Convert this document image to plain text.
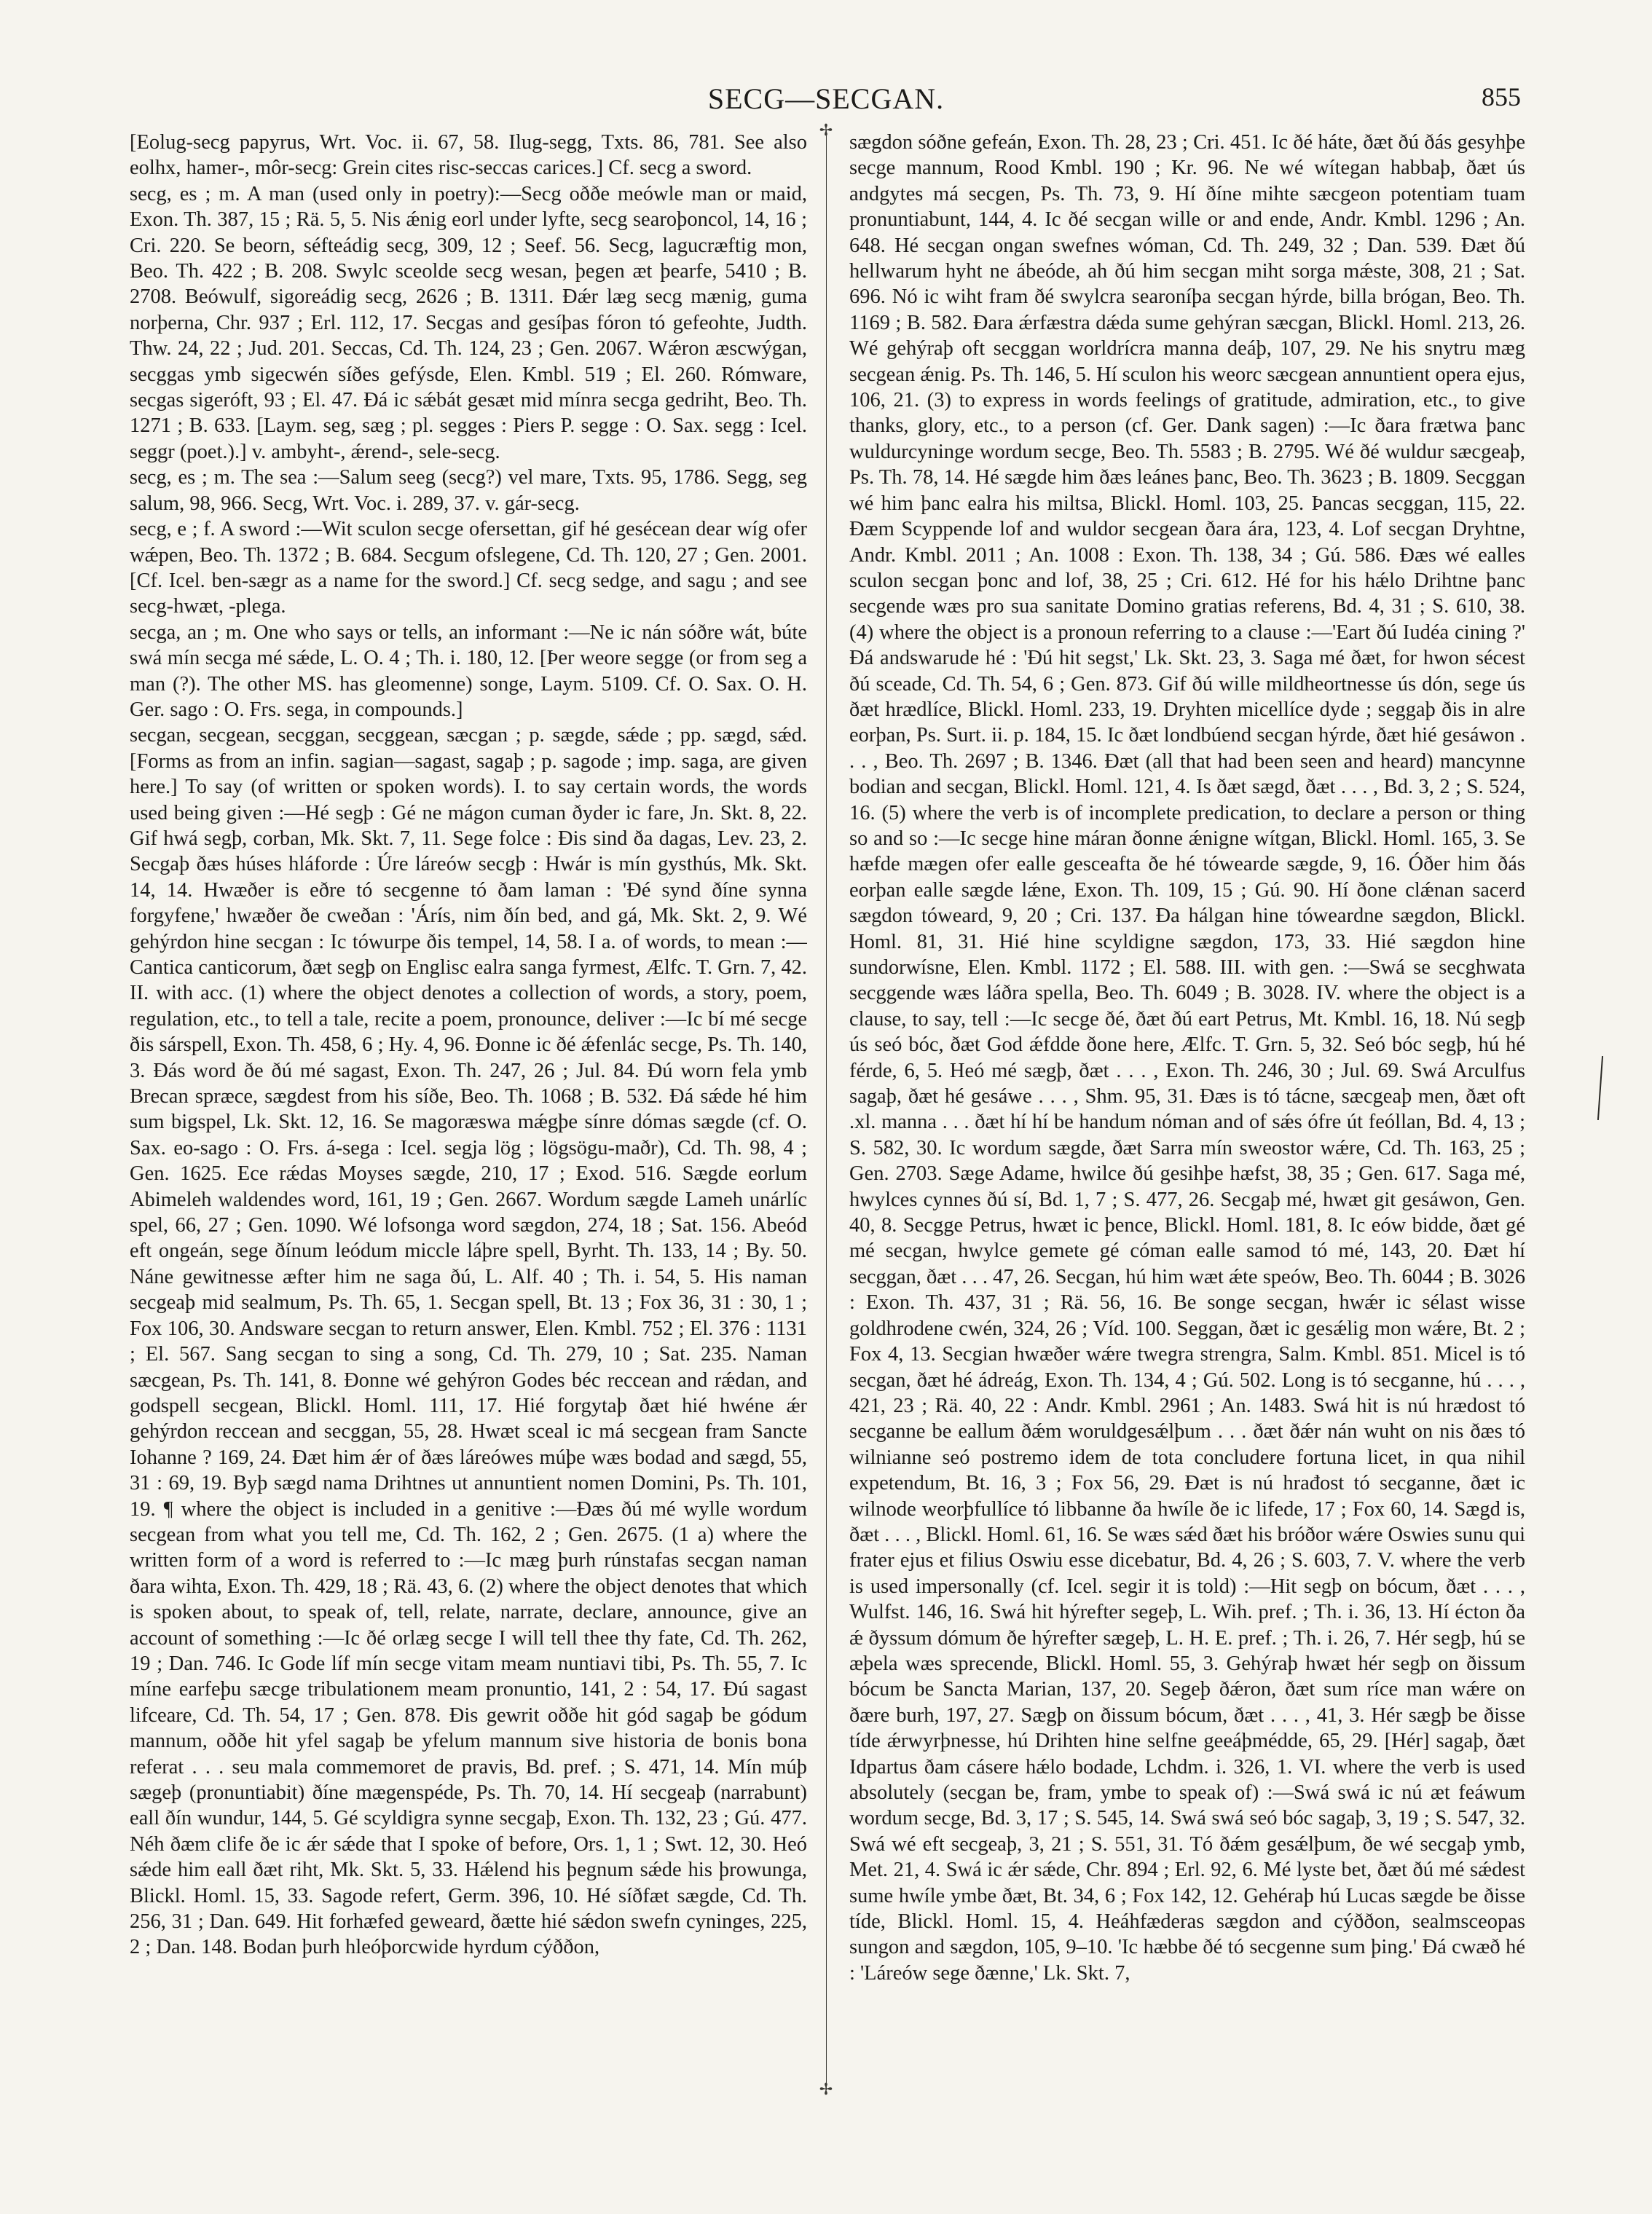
SECG—SECGAN.	855
✢
✢

[Eolug-secg papyrus, Wrt. Voc. ii. 67, 58. Ilug-segg, Txts. 86, 781. See also eolhx, hamer-, môr-secg: Grein cites risc-seccas carices.] Cf. secg a sword.

secg, es ; m. A man (used only in poetry):—Secg oððe meówle man or maid, Exon. Th. 387, 15 ; Rä. 5, 5. Nis ǽnig eorl under lyfte, secg searoþoncol, 14, 16 ; Cri. 220. Se beorn, séfteádig secg, 309, 12 ; Seef. 56. Secg, lagucræftig mon, Beo. Th. 422 ; B. 208. Swylc sceolde secg wesan, þegen æt þearfe, 5410 ; B. 2708. Beówulf, sigoreádig secg, 2626 ; B. 1311. Ðǽr læg secg mænig, guma norþerna, Chr. 937 ; Erl. 112, 17. Secgas and gesíþas fóron tó gefeohte, Judth. Thw. 24, 22 ; Jud. 201. Seccas, Cd. Th. 124, 23 ; Gen. 2067. Wǽron æscwýgan, secggas ymb sigecwén síðes gefýsde, Elen. Kmbl. 519 ; El. 260. Rómware, secgas sigeróft, 93 ; El. 47. Ðá ic sǽbát gesæt mid mínra secga gedriht, Beo. Th. 1271 ; B. 633. [Laym. seg, sæg ; pl. segges : Piers P. segge : O. Sax. segg : Icel. seggr (poet.).] v. ambyht-, ǽrend-, sele-secg.

secg, es ; m. The sea :—Salum seeg (secg?) vel mare, Txts. 95, 1786. Segg, seg salum, 98, 966. Secg, Wrt. Voc. i. 289, 37. v. gár-secg.

secg, e ; f. A sword :—Wit sculon secge ofersettan, gif hé gesécean dear wíg ofer wǽpen, Beo. Th. 1372 ; B. 684. Secgum ofslegene, Cd. Th. 120, 27 ; Gen. 2001. [Cf. Icel. ben-sægr as a name for the sword.] Cf. secg sedge, and sagu ; and see secg-hwæt, -plega.

secga, an ; m. One who says or tells, an informant :—Ne ic nán sóðre wát, búte swá mín secga mé sǽde, L. O. 4 ; Th. i. 180, 12. [Þer weore segge (or from seg a man (?). The other MS. has gleomenne) songe, Laym. 5109. Cf. O. Sax. O. H. Ger. sago : O. Frs. sega, in compounds.]

secgan, secgean, secggan, secggean, sæcgan ; p. sægde, sǽde ; pp. sægd, sǽd. [Forms as from an infin. sagian—sagast, sagaþ ; p. sagode ; imp. saga, are given here.] To say (of written or spoken words). I. to say certain words, the words used being given :—Hé segþ : Gé ne mágon cuman ðyder ic fare, Jn. Skt. 8, 22. Gif hwá segþ, corban, Mk. Skt. 7, 11. Sege folce : Ðis sind ða dagas, Lev. 23, 2. Secgaþ ðæs húses hláforde : Úre láreów secgþ : Hwár is mín gysthús, Mk. Skt. 14, 14. Hwæðer is eðre tó secgenne tó ðam laman : 'Ðé synd ðíne synna forgyfene,' hwæðer ðe cweðan : 'Árís, nim ðín bed, and gá, Mk. Skt. 2, 9. Wé gehýrdon hine secgan : Ic tówurpe ðis tempel, 14, 58. I a. of words, to mean :—Cantica canticorum, ðæt segþ on Englisc ealra sanga fyrmest, Ælfc. T. Grn. 7, 42. II. with acc. (1) where the object denotes a collection of words, a story, poem, regulation, etc., to tell a tale, recite a poem, pronounce, deliver :—Ic bí mé secge ðis sárspell, Exon. Th. 458, 6 ; Hy. 4, 96. Ðonne ic ðé ǽfenlác secge, Ps. Th. 140, 3. Ðás word ðe ðú mé sagast, Exon. Th. 247, 26 ; Jul. 84. Ðú worn fela ymb Brecan spræce, sægdest from his síðe, Beo. Th. 1068 ; B. 532. Ðá sǽde hé him sum bigspel, Lk. Skt. 12, 16. Se magoræswa mǽgþe sínre dómas sægde (cf. O. Sax. eo-sago : O. Frs. á-sega : Icel. segja lög ; lögsögu-maðr), Cd. Th. 98, 4 ; Gen. 1625. Ece rǽdas Moyses sægde, 210, 17 ; Exod. 516. Sægde eorlum Abimeleh waldendes word, 161, 19 ; Gen. 2667. Wordum sægde Lameh unárlíc spel, 66, 27 ; Gen. 1090. Wé lofsonga word sægdon, 274, 18 ; Sat. 156. Abeód eft ongeán, sege ðínum leódum miccle láþre spell, Byrht. Th. 133, 14 ; By. 50. Náne gewitnesse æfter him ne saga ðú, L. Alf. 40 ; Th. i. 54, 5. His naman secgeaþ mid sealmum, Ps. Th. 65, 1. Secgan spell, Bt. 13 ; Fox 36, 31 : 30, 1 ; Fox 106, 30. Andsware secgan to return answer, Elen. Kmbl. 752 ; El. 376 : 1131 ; El. 567. Sang secgan to sing a song, Cd. Th. 279, 10 ; Sat. 235. Naman sæcgean, Ps. Th. 141, 8. Ðonne wé gehýron Godes béc reccean and rǽdan, and godspell secgean, Blickl. Homl. 111, 17. Hié forgytaþ ðæt hié hwéne ǽr gehýrdon reccean and secggan, 55, 28. Hwæt sceal ic má secgean fram Sancte Iohanne ? 169, 24. Ðæt him ǽr of ðæs láreówes múþe wæs bodad and sægd, 55, 31 : 69, 19. Byþ sægd nama Drihtnes ut annuntient nomen Domini, Ps. Th. 101, 19. ¶ where the object is included in a genitive :—Ðæs ðú mé wylle wordum secgean from what you tell me, Cd. Th. 162, 2 ; Gen. 2675. (1 a) where the written form of a word is referred to :—Ic mæg þurh rúnstafas secgan naman ðara wihta, Exon. Th. 429, 18 ; Rä. 43, 6. (2) where the object denotes that which is spoken about, to speak of, tell, relate, narrate, declare, announce, give an account of something :—Ic ðé orlæg secge I will tell thee thy fate, Cd. Th. 262, 19 ; Dan. 746. Ic Gode líf mín secge vitam meam nuntiavi tibi, Ps. Th. 55, 7. Ic míne earfeþu sæcge tribulationem meam pronuntio, 141, 2 : 54, 17. Ðú sagast lifceare, Cd. Th. 54, 17 ; Gen. 878. Ðis gewrit oððe hit gód sagaþ be gódum mannum, oððe hit yfel sagaþ be yfelum mannum sive historia de bonis bona referat . . . seu mala commemoret de pravis, Bd. pref. ; S. 471, 14. Mín múþ sægeþ (pronuntiabit) ðíne mægenspéde, Ps. Th. 70, 14. Hí secgeaþ (narrabunt) eall ðín wundur, 144, 5. Gé scyldigra synne secgaþ, Exon. Th. 132, 23 ; Gú. 477. Néh ðæm clife ðe ic ǽr sǽde that I spoke of before, Ors. 1, 1 ; Swt. 12, 30. Heó sǽde him eall ðæt riht, Mk. Skt. 5, 33. Hǽlend his þegnum sǽde his þrowunga, Blickl. Homl. 15, 33. Sagode refert, Germ. 396, 10. Hé síðfæt sægde, Cd. Th. 256, 31 ; Dan. 649. Hit forhæfed geweard, ðætte hié sǽdon swefn cyninges, 225, 2 ; Dan. 148. Bodan þurh hleóþorcwide hyrdum cýððon,

sægdon sóðne gefeán, Exon. Th. 28, 23 ; Cri. 451. Ic ðé háte, ðæt ðú ðás gesyhþe secge mannum, Rood Kmbl. 190 ; Kr. 96. Ne wé wítegan habbaþ, ðæt ús andgytes má secgen, Ps. Th. 73, 9. Hí ðíne mihte sæcgeon potentiam tuam pronuntiabunt, 144, 4. Ic ðé secgan wille or and ende, Andr. Kmbl. 1296 ; An. 648. Hé secgan ongan swefnes wóman, Cd. Th. 249, 32 ; Dan. 539. Ðæt ðú hellwarum hyht ne ábeóde, ah ðú him secgan miht sorga mǽste, 308, 21 ; Sat. 696. Nó ic wiht fram ðé swylcra searoníþa secgan hýrde, billa brógan, Beo. Th. 1169 ; B. 582. Ðara ǽrfæstra dǽda sume gehýran sæcgan, Blickl. Homl. 213, 26. Wé gehýraþ oft secggan worldrícra manna deáþ, 107, 29. Ne his snytru mæg secgean ǽnig. Ps. Th. 146, 5. Hí sculon his weorc sæcgean annuntient opera ejus, 106, 21. (3) to express in words feelings of gratitude, admiration, etc., to give thanks, glory, etc., to a person (cf. Ger. Dank sagen) :—Ic ðara frætwa þanc wuldurcyninge wordum secge, Beo. Th. 5583 ; B. 2795. Wé ðé wuldur sæcgeaþ, Ps. Th. 78, 14. Hé sægde him ðæs leánes þanc, Beo. Th. 3623 ; B. 1809. Secggan wé him þanc ealra his miltsa, Blickl. Homl. 103, 25. Þancas secggan, 115, 22. Ðæm Scyppende lof and wuldor secgean ðara ára, 123, 4. Lof secgan Dryhtne, Andr. Kmbl. 2011 ; An. 1008 : Exon. Th. 138, 34 ; Gú. 586. Ðæs wé ealles sculon secgan þonc and lof, 38, 25 ; Cri. 612. Hé for his hǽlo Drihtne þanc secgende wæs pro sua sanitate Domino gratias referens, Bd. 4, 31 ; S. 610, 38. (4) where the object is a pronoun referring to a clause :—'Eart ðú Iudéa cining ?' Ðá andswarude hé : 'Ðú hit segst,' Lk. Skt. 23, 3. Saga mé ðæt, for hwon sécest ðú sceade, Cd. Th. 54, 6 ; Gen. 873. Gif ðú wille mildheortnesse ús dón, sege ús ðæt hrædlíce, Blickl. Homl. 233, 19. Dryhten micellíce dyde ; seggaþ ðis in alre eorþan, Ps. Surt. ii. p. 184, 15. Ic ðæt londbúend secgan hýrde, ðæt hié gesáwon . . . , Beo. Th. 2697 ; B. 1346. Ðæt (all that had been seen and heard) mancynne bodian and secgan, Blickl. Homl. 121, 4. Is ðæt sægd, ðæt . . . , Bd. 3, 2 ; S. 524, 16. (5) where the verb is of incomplete predication, to declare a person or thing so and so :—Ic secge hine máran ðonne ǽnigne wítgan, Blickl. Homl. 165, 3. Se hæfde mægen ofer ealle gesceafta ðe hé tówearde sægde, 9, 16. Óðer him ðás eorþan ealle sægde lǽne, Exon. Th. 109, 15 ; Gú. 90. Hí ðone clǽnan sacerd sægdon tóweard, 9, 20 ; Cri. 137. Ða hálgan hine tóweardne sægdon, Blickl. Homl. 81, 31. Hié hine scyldigne sægdon, 173, 33. Hié sægdon hine sundorwísne, Elen. Kmbl. 1172 ; El. 588. III. with gen. :—Swá se secghwata secggende wæs láðra spella, Beo. Th. 6049 ; B. 3028. IV. where the object is a clause, to say, tell :—Ic secge ðé, ðæt ðú eart Petrus, Mt. Kmbl. 16, 18. Nú segþ ús seó bóc, ðæt God ǽfdde ðone here, Ælfc. T. Grn. 5, 32. Seó bóc segþ, hú hé férde, 6, 5. Heó mé sægþ, ðæt . . . , Exon. Th. 246, 30 ; Jul. 69. Swá Arculfus sagaþ, ðæt hé gesáwe . . . , Shm. 95, 31. Ðæs is tó tácne, sæcgeaþ men, ðæt oft .xl. manna . . . ðæt hí hí be handum nóman and of sǽs ófre út feóllan, Bd. 4, 13 ; S. 582, 30. Ic wordum sægde, ðæt Sarra mín sweostor wǽre, Cd. Th. 163, 25 ; Gen. 2703. Sæge Adame, hwilce ðú gesihþe hæfst, 38, 35 ; Gen. 617. Saga mé, hwylces cynnes ðú sí, Bd. 1, 7 ; S. 477, 26. Secgaþ mé, hwæt git gesáwon, Gen. 40, 8. Secgge Petrus, hwæt ic þence, Blickl. Homl. 181, 8. Ic eów bidde, ðæt gé mé secgan, hwylce gemete gé cóman ealle samod tó mé, 143, 20. Ðæt hí secggan, ðæt . . . 47, 26. Secgan, hú him wæt ǽte speów, Beo. Th. 6044 ; B. 3026 : Exon. Th. 437, 31 ; Rä. 56, 16. Be songe secgan, hwǽr ic sélast wisse goldhrodene cwén, 324, 26 ; Víd. 100. Seggan, ðæt ic gesǽlig mon wǽre, Bt. 2 ; Fox 4, 13. Secgian hwæðer wǽre twegra strengra, Salm. Kmbl. 851. Micel is tó secgan, ðæt hé ádreág, Exon. Th. 134, 4 ; Gú. 502. Long is tó secganne, hú . . . , 421, 23 ; Rä. 40, 22 : Andr. Kmbl. 2961 ; An. 1483. Swá hit is nú hrædost tó secganne be eallum ðǽm woruldgesǽlþum . . . ðæt ðǽr nán wuht on nis ðæs tó wilnianne seó postremo idem de tota concludere fortuna licet, in qua nihil expetendum, Bt. 16, 3 ; Fox 56, 29. Ðæt is nú hrađost tó secganne, ðæt ic wilnode weorþfullíce tó libbanne ða hwíle ðe ic lifede, 17 ; Fox 60, 14. Sægd is, ðæt . . . , Blickl. Homl. 61, 16. Se wæs sǽd ðæt his bróðor wǽre Oswies sunu qui frater ejus et filius Oswiu esse dicebatur, Bd. 4, 26 ; S. 603, 7. V. where the verb is used impersonally (cf. Icel. segir it is told) :—Hit segþ on bócum, ðæt . . . , Wulfst. 146, 16. Swá hit hýrefter segeþ, L. Wih. pref. ; Th. i. 36, 13. Hí écton ða ǽ ðyssum dómum ðe hýrefter sægeþ, L. H. E. pref. ; Th. i. 26, 7. Hér segþ, hú se æþela wæs sprecende, Blickl. Homl. 55, 3. Gehýraþ hwæt hér segþ on ðissum bócum be Sancta Marian, 137, 20. Segeþ ðǽron, ðæt sum ríce man wǽre on ðære burh, 197, 27. Sægþ on ðissum bócum, ðæt . . . , 41, 3. Hér sægþ be ðisse tíde ǽrwyrþnesse, hú Drihten hine selfne geeáþmédde, 65, 29. [Hér] sagaþ, ðæt Idpartus ðam cásere hǽlo bodade, Lchdm. i. 326, 1. VI. where the verb is used absolutely (secgan be, fram, ymbe to speak of) :—Swá swá ic nú æt feáwum wordum secge, Bd. 3, 17 ; S. 545, 14. Swá swá seó bóc sagaþ, 3, 19 ; S. 547, 32. Swá wé eft secgeaþ, 3, 21 ; S. 551, 31. Tó ðǽm gesǽlþum, ðe wé secgaþ ymb, Met. 21, 4. Swá ic ǽr sǽde, Chr. 894 ; Erl. 92, 6. Mé lyste bet, ðæt ðú mé sǽdest sume hwíle ymbe ðæt, Bt. 34, 6 ; Fox 142, 12. Gehéraþ hú Lucas sægde be ðisse tíde, Blickl. Homl. 15, 4. Heáhfæderas sægdon and cýððon, sealmsceopas sungon and sægdon, 105, 9–10. 'Ic hæbbe ðé tó secgenne sum þing.' Ðá cwæð hé : 'Láreów sege ðænne,' Lk. Skt. 7,
